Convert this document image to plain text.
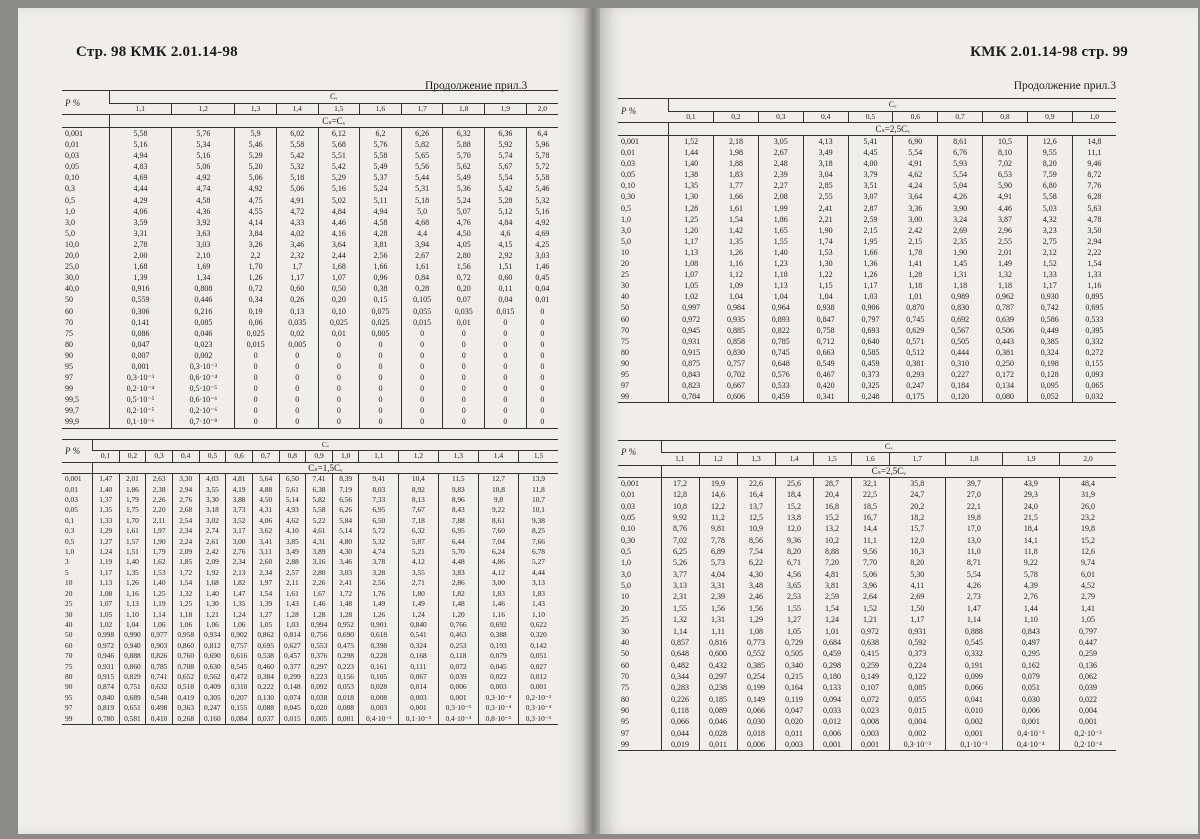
Стр. 98 КМК 2.01.14-98
Продолжение прил.3
P %	Cᵥ									
	1,1	1,2	1,3	1,4	1,5	1,6	1,7	1,8	1,9	2,0
	Cₛ=Cᵥ									
0,001	5,58	5,76	5,9	6,02	6,12	6,2	6,26	6,32	6,36	6,4
0,01	5,16	5,34	5,46	5,58	5,68	5,76	5,82	5,88	5,92	5,96
0,03	4,94	5,16	5,29	5,42	5,51	5,58	5,65	5,70	5,74	5,78
0,05	4,83	5,06	5,20	5,32	5,42	5,49	5,56	5,62	5,67	5,72
0,10	4,69	4,92	5,06	5,18	5,29	5,37	5,44	5,49	5,54	5,58
0,3	4,44	4,74	4,92	5,06	5,16	5,24	5,31	5,36	5,42	5,46
0,5	4,29	4,58	4,75	4,91	5,02	5,11	5,18	5,24	5,28	5,32
1,0	4,06	4,36	4,55	4,72	4,84	4,94	5,0	5,07	5,12	5,16
3,0	3,59	3,92	4,14	4,33	4,46	4,58	4,68	4,76	4,84	4,92
5,0	3,31	3,63	3,84	4,02	4,16	4,28	4,4	4,50	4,6	4,69
10,0	2,78	3,03	3,26	3,46	3,64	3,81	3,94	4,05	4,15	4,25
20,0	2,00	2,10	2,2	2,32	2,44	2,56	2,67	2,80	2,92	3,03
25,0	1,68	1,69	1,70	1,7	1,68	1,66	1,61	1,56	1,51	1,46
30,0	1,39	1,34	1,26	1,17	1,07	0,96	0,84	0,72	0,60	0,45
40,0	0,916	0,808	0,72	0,60	0,50	0,38	0,28	0,20	0,11	0,04
50	0,559	0,446	0,34	0,26	0,20	0,15	0,105	0,07	0,04	0,01
60	0,306	0,216	0,19	0,13	0,10	0,075	0,055	0,035	0,015	0
70	0,141	0,085	0,06	0,035	0,025	0,025	0,015	0,01	0	0
75	0,086	0,046	0,025	0,02	0,01	0,005	0	0	0	0
80	0,047	0,023	0,015	0,005	0	0	0	0	0	0
90	0,007	0,002	0	0	0	0	0	0	0	0
95	0,001	0,3·10⁻³	0	0	0	0	0	0	0	0
97	0,3·10⁻³	0,6·10⁻⁴	0	0	0	0	0	0	0	0
99	0,2·10⁻⁴	0,5·10⁻⁵	0	0	0	0	0	0	0	0
99,5	0,5·10⁻⁵	0,6·10⁻⁶	0	0	0	0	0	0	0	0
99,7	0,2·10⁻⁵	0,2·10⁻⁶	0	0	0	0	0	0	0	0
99,9	0,1·10⁻⁶	0,7·10⁻⁸	0	0	0	0	0	0	0	0
P %	Cᵥ														
	0,1	0,2	0,3	0,4	0,5	0,6	0,7	0,8	0,9	1,0	1,1	1,2	1,3	1,4	1,5
	Cₛ=1,5Cᵥ														
0,001	1,47	2,01	2,63	3,30	4,03	4,81	5,64	6,50	7,41	8,39	9,41	10,4	11,5	12,7	13,9
0,01	1,40	1,86	2,38	2,94	3,55	4,19	4,88	5,61	6,38	7,19	8,03	8,92	9,83	10,8	11,8
0,03	1,37	1,79	2,26	2,76	3,30	3,88	4,50	5,14	5,82	6,56	7,33	8,13	8,96	9,8	10,7
0,05	1,35	1,75	2,20	2,68	3,18	3,73	4,31	4,93	5,58	6,26	6,95	7,67	8,43	9,22	10,1
0,1	1,33	1,70	2,11	2,54	3,02	3,52	4,06	4,62	5,22	5,84	6,50	7,18	7,88	8,61	9,38
0,3	1,29	1,61	1,97	2,34	2,74	3,17	3,62	4,10	4,61	5,14	5,72	6,32	6,95	7,60	8,25
0,5	1,27	1,57	1,90	2,24	2,61	3,00	3,41	3,85	4,31	4,80	5,32	5,87	6,44	7,04	7,66
1,0	1,24	1,51	1,79	2,09	2,42	2,76	3,11	3,49	3,89	4,30	4,74	5,21	5,70	6,24	6,78
3	1,19	1,40	1,62	1,85	2,09	2,34	2,60	2,88	3,16	3,46	3,78	4,12	4,48	4,86	5,27
5	1,17	1,35	1,53	1,72	1,92	2,13	2,34	2,57	2,80	3,03	3,28	3,55	3,83	4,12	4,44
10	1,13	1,26	1,40	1,54	1,68	1,82	1,97	2,11	2,26	2,41	2,56	2,71	2,86	3,00	3,13
20	1,08	1,16	1,25	1,32	1,40	1,47	1,54	1,61	1,67	1,72	1,76	1,80	1,82	1,83	1,83
25	1,07	1,13	1,19	1,25	1,30	1,35	1,39	1,43	1,46	1,48	1,49	1,49	1,48	1,46	1,43
30	1,05	1,10	1,14	1,18	1,21	1,24	1,27	1,28	1,28	1,28	1,26	1,24	1,20	1,16	1,10
40	1,02	1,04	1,06	1,06	1,06	1,06	1,05	1,03	0,994	0,952	0,901	0,840	0,766	0,692	0,622
50	0,998	0,990	0,977	0,958	0,934	0,902	0,862	0,814	0,756	0,690	0,618	0,541	0,463	0,388	0,320
60	0,972	0,940	0,903	0,860	0,812	0,757	0,695	0,627	0,553	0,475	0,398	0,324	0,253	0,193	0,142
70	0,946	0,888	0,826	0,760	0,690	0,616	0,538	0,457	0,376	0,298	0,228	0,168	0,118	0,079	0,051
75	0,931	0,860	0,785	0,708	0,630	0,545	0,460	0,377	0,297	0,223	0,161	0,111	0,072	0,045	0,027
80	0,915	0,829	0,741	0,652	0,562	0,472	0,384	0,299	0,223	0,156	0,105	0,067	0,039	0,022	0,012
90	0,874	0,751	0,632	0,518	0,409	0,310	0,222	0,148	0,092	0,053	0,028	0,014	0,006	0,003	0,001
95	0,840	0,689	0,548	0,419	0,305	0,207	0,130	0,074	0,038	0,018	0,008	0,003	0,001	0,3·10⁻⁴	0,2·10⁻³
97	0,819	0,651	0,498	0,363	0,247	0,155	0,088	0,045	0,020	0,008	0,003	0,001	0,3·10⁻³	0,3·10⁻⁴	0,3·10⁻⁴
99	0,780	0,581	0,410	0,268	0,160	0,084	0,037	0,015	0,005	0,001	0,4·10⁻³	0,1·10⁻³	0,4·10⁻⁴	0,8·10⁻⁵	0,3·10⁻⁵
КМК 2.01.14-98 стр. 99
Продолжение прил.3
P %	Cᵥ									
	0,1	0,2	0,3	0,4	0,5	0,6	0,7	0,8	0,9	1,0
	Cₛ=2,5Cᵥ									
0,001	1,52	2,18	3,05	4,13	5,41	6,90	8,61	10,5	12,6	14,8
0,01	1,44	1,98	2,67	3,49	4,45	5,54	6,76	8,10	9,55	11,1
0,03	1,40	1,88	2,48	3,18	4,00	4,91	5,93	7,02	8,20	9,46
0,05	1,38	1,83	2,39	3,04	3,79	4,62	5,54	6,53	7,59	8,72
0,10	1,35	1,77	2,27	2,85	3,51	4,24	5,04	5,90	6,80	7,76
0,30	1,30	1,66	2,08	2,55	3,07	3,64	4,26	4,91	5,58	6,28
0,5	1,28	1,61	1,99	2,41	2,87	3,36	3,90	4,46	5,03	5,63
1,0	1,25	1,54	1,86	2,21	2,59	3,00	3,24	3,87	4,32	4,78
3,0	1,20	1,42	1,65	1,90	2,15	2,42	2,69	2,96	3,23	3,50
5,0	1,17	1,35	1,55	1,74	1,95	2,15	2,35	2,55	2,75	2,94
10	1,13	1,26	1,40	1,53	1,66	1,78	1,90	2,01	2,12	2,22
20	1,08	1,16	1,23	1,30	1,36	1,41	1,45	1,49	1,52	1,54
25	1,07	1,12	1,18	1,22	1,26	1,28	1,31	1,32	1,33	1,33
30	1,05	1,09	1,13	1,15	1,17	1,18	1,18	1,18	1,17	1,16
40	1,02	1,04	1,04	1,04	1,03	1,01	0,989	0,962	0,930	0,895
50	0,997	0,984	0,964	0,938	0,906	0,870	0,830	0,787	0,742	0,695
60	0,972	0,935	0,893	0,847	0,797	0,745	0,692	0,639	0,586	0,533
70	0,945	0,885	0,822	0,758	0,693	0,629	0,567	0,506	0,449	0,395
75	0,931	0,858	0,785	0,712	0,640	0,571	0,505	0,443	0,385	0,332
80	0,915	0,830	0,745	0,663	0,585	0,512	0,444	0,381	0,324	0,272
90	0,875	0,757	0,648	0,549	0,459	0,381	0,310	0,250	0,198	0,155
95	0,843	0,702	0,576	0,467	0,373	0,293	0,227	0,172	0,128	0,093
97	0,823	0,667	0,533	0,420	0,325	0,247	0,184	0,134	0,095	0,065
99	0,784	0,606	0,459	0,341	0,248	0,175	0,120	0,080	0,052	0,032
P %	Cᵥ									
	1,1	1,2	1,3	1,4	1,5	1,6	1,7	1,8	1,9	2,0
	Cₛ=2,5Cᵥ									
0,001	17,2	19,9	22,6	25,6	28,7	32,1	35,8	39,7	43,9	48,4
0,01	12,8	14,6	16,4	18,4	20,4	22,5	24,7	27,0	29,3	31,9
0,03	10,8	12,2	13,7	15,2	16,8	18,5	20,2	22,1	24,0	26,0
0,05	9,92	11,2	12,5	13,8	15,2	16,7	18,2	19,8	21,5	23,2
0,10	8,76	9,81	10,9	12,0	13,2	14,4	15,7	17,0	18,4	19,8
0,30	7,02	7,78	8,56	9,36	10,2	11,1	12,0	13,0	14,1	15,2
0,5	6,25	6,89	7,54	8,20	8,88	9,56	10,3	11,0	11,8	12,6
1,0	5,26	5,73	6,22	6,71	7,20	7,70	8,20	8,71	9,22	9,74
3,0	3,77	4,04	4,30	4,56	4,81	5,06	5,30	5,54	5,78	6,01
5,0	3,13	3,31	3,48	3,65	3,81	3,96	4,11	4,26	4,39	4,52
10	2,31	2,39	2,46	2,53	2,59	2,64	2,69	2,73	2,76	2,79
20	1,55	1,56	1,56	1,55	1,54	1,52	1,50	1,47	1,44	1,41
25	1,32	1,31	1,29	1,27	1,24	1,21	1,17	1,14	1,10	1,05
30	1,14	1,11	1,08	1,05	1,01	0,972	0,931	0,888	0,843	0,797
40	0,857	0,816	0,773	0,729	0,684	0,638	0,592	0,545	0,497	0,447
50	0,648	0,600	0,552	0,505	0,459	0,415	0,373	0,332	0,295	0,259
60	0,482	0,432	0,385	0,340	0,298	0,259	0,224	0,191	0,162	0,136
70	0,344	0,297	0,254	0,215	0,180	0,149	0,122	0,099	0,079	0,062
75	0,283	0,238	0,199	0,164	0,133	0,107	0,085	0,066	0,051	0,039
80	0,226	0,185	0,149	0,119	0,094	0,072	0,055	0,041	0,030	0,022
90	0,118	0,089	0,066	0,047	0,033	0,023	0,015	0,010	0,006	0,004
95	0,066	0,046	0,030	0,020	0,012	0,008	0,004	0,002	0,001	0,001
97	0,044	0,028	0,018	0,011	0,006	0,003	0,002	0,001	0,4·10⁻³	0,2·10⁻³
99	0,019	0,011	0,006	0,003	0,001	0,001	0,3·10⁻³	0,1·10⁻³	0,4·10⁻⁴	0,2·10⁻⁴
